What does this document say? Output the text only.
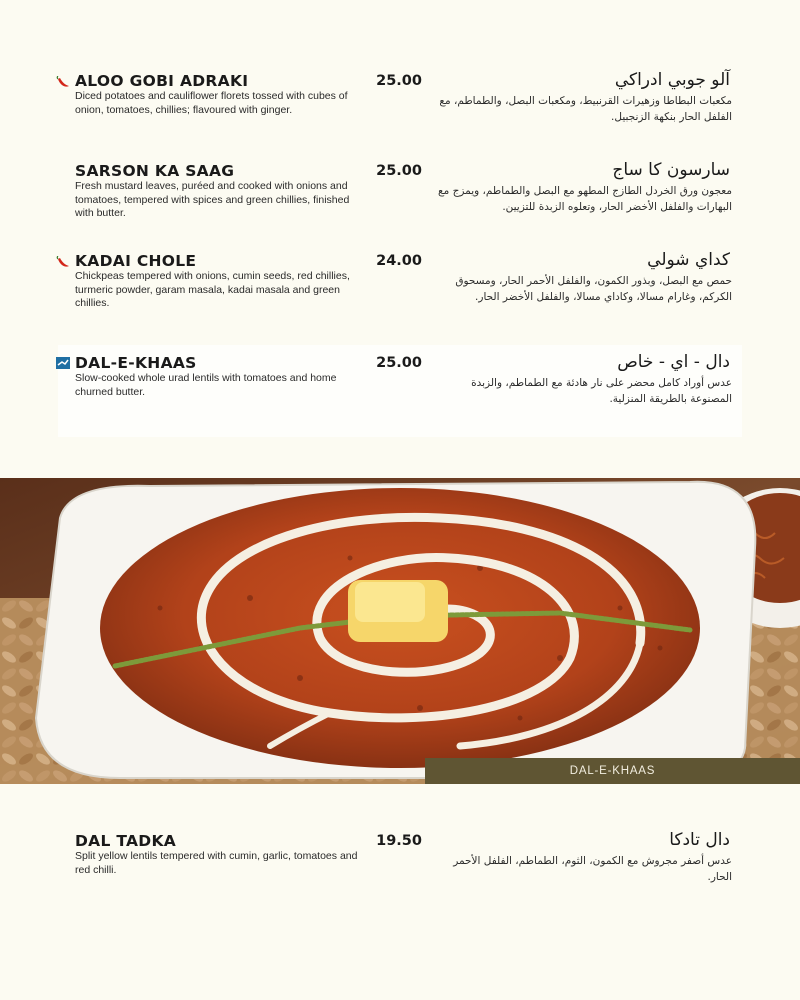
ALOO GOBI ADRAKI
Diced potatoes and cauliflower florets tossed with cubes of onion, tomatoes, chillies; flavoured with ginger.
25.00	آلو جوبي ادراكي
مكعبات البطاطا وزهيرات القرنبيط، ومكعبات البصل، والطماطم، مع الفلفل الحار بنكهة الزنجبيل.
SARSON KA SAAG
Fresh mustard leaves, puréed and cooked with onions and tomatoes, tempered with spices and green chillies, finished with butter.
25.00	سارسون كا ساج
معجون ورق الخردل الطازج المطهو مع البصل والطماطم، ويمزج مع البهارات والفلفل الأخضر الحار، وتعلوه الزبدة للتزيين.
KADAI CHOLE
Chickpeas tempered with onions, cumin seeds, red chillies, turmeric powder, garam masala, kadai masala and green chillies.
24.00	كداي شولي
حمص مع البصل، وبذور الكمون، والفلفل الأحمر الحار، ومسحوق الكركم، وغارام مسالا، وكاداي مسالا، والفلفل الأخضر الحار.
DAL-E-KHAAS
Slow-cooked whole urad lentils with tomatoes and home churned butter.
25.00	دال - اي - خاص
عدس أوراد كامل محضر على نار هادئة مع الطماطم، والزبدة المصنوعة بالطريقة المنزلية.
DAL-E-KHAAS
DAL TADKA
Split yellow lentils tempered with cumin, garlic, tomatoes and red chilli.
19.50	دال تادكا
عدس أصفر مجروش مع الكمون، الثوم، الطماطم، الفلفل الأحمر الحار.
